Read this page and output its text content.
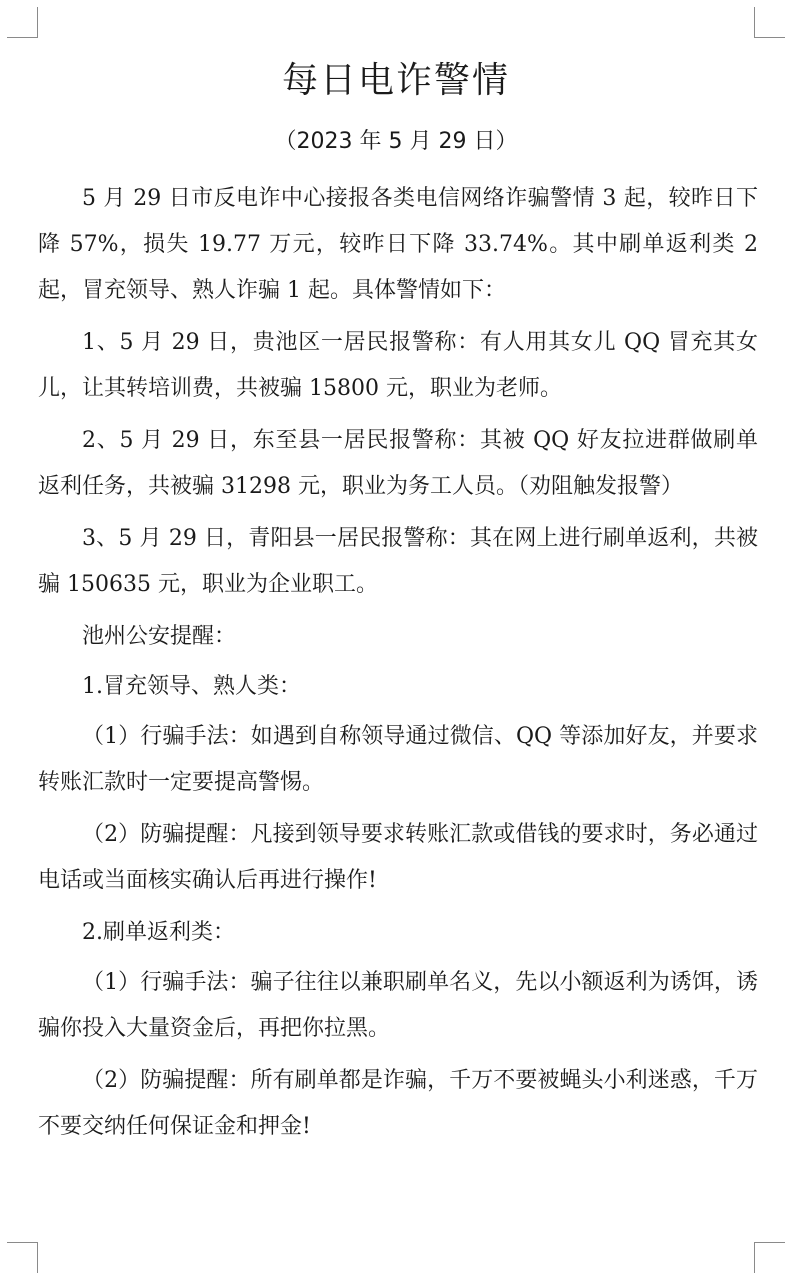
每日电诈警情
（2023 年 5 月 29 日）

5 月 29 日市反电诈中心接报各类电信网络诈骗警情 3 起，较昨日下降 57%，损失 19.77 万元，较昨日下降 33.74%。其中刷单返利类 2 起，冒充领导、熟人诈骗 1 起。具体警情如下：

1、5 月 29 日，贵池区一居民报警称：有人用其女儿 QQ 冒充其女儿，让其转培训费，共被骗 15800 元，职业为老师。

2、5 月 29 日，东至县一居民报警称：其被 QQ 好友拉进群做刷单返利任务，共被骗 31298 元，职业为务工人员。（劝阻触发报警）

3、5 月 29 日，青阳县一居民报警称：其在网上进行刷单返利，共被骗 150635 元，职业为企业职工。

池州公安提醒：

1.冒充领导、熟人类：

（1）行骗手法：如遇到自称领导通过微信、QQ 等添加好友，并要求转账汇款时一定要提高警惕。

（2）防骗提醒：凡接到领导要求转账汇款或借钱的要求时，务必通过电话或当面核实确认后再进行操作!

2.刷单返利类：

（1）行骗手法：骗子往往以兼职刷单名义，先以小额返利为诱饵，诱骗你投入大量资金后，再把你拉黑。

（2）防骗提醒：所有刷单都是诈骗，千万不要被蝇头小利迷惑，千万不要交纳任何保证金和押金!
